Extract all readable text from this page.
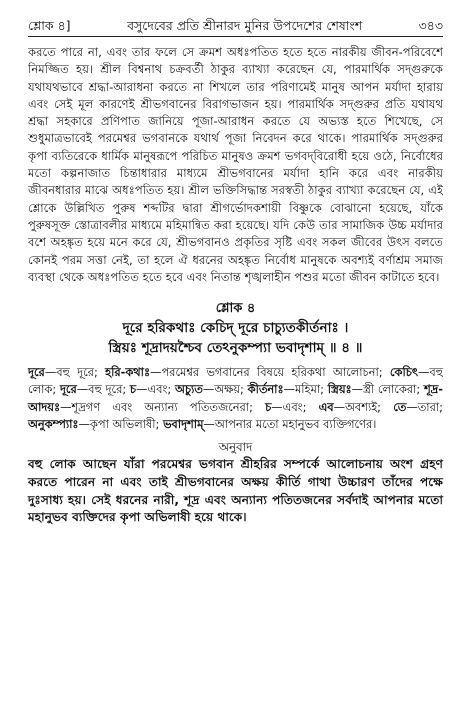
শ্লোক ৪]	বসুদেবের প্রতি শ্রীনারদ মুনির উপদেশের শেষাংশ	৩৪৩
করতে পারে না, এবং তার ফলে সে ক্রমশ অধঃপতিত হতে হতে নারকীয় জীবন-পরিবেশে নিমজ্জিত হয়। শ্রীল বিশ্বনাথ চক্রবর্তী ঠাকুর ব্যাখ্যা করেছেন যে, পারমার্থিক সদ্গুরুকে যথাযথভাবে শ্রদ্ধা-আরাধনা করতে না শিখলে তার পরিণামেই মানুষ আপন মর্যাদা হারায় এবং সেই মূল কারণেই শ্রীভগবানের বিরাগভাজন হয়। পারমার্থিক সদ্গুরুর প্রতি যথাযথ শ্রদ্ধা সহকারে প্রণিপাত জানিয়ে পূজা-আরাধন করতে যে অভ্যস্ত হতে শিখেছে, সে শুধুমাত্রভাবেই পরমেশ্বর ভগবানকে যথার্থ পূজা নিবেদন করে থাকে। পারমার্থিক সদ্গুরুর কৃপা ব্যতিরেকে ধার্মিক মানুষরূপে পরিচিত মানুষও ক্রমশ ভগবদ্‌বিরোধী হয়ে ওঠে, নির্বোধের মতো কল্পনাজাত চিন্তাধারার মাধ্যমে শ্রীভগবানের মর্যাদা হানি করে এবং নারকীয় জীবনধারার মাঝে অধঃপতিত হয়। শ্রীল ভক্তিসিদ্ধান্ত সরস্বতী ঠাকুর ব্যাখ্যা করেছেন যে, এই শ্লোকে উল্লিখিত পুরুষ শব্দটির দ্বারা শ্রীগর্ভোদকশায়ী বিষ্ণুকে বোঝানো হয়েছে, যাঁকে পুরুষসূক্ত স্তোত্রাবলীর মাধ্যমে মহিমান্বিত করা হয়েছে। যদি কেউ তার সামাজিক উচ্চ মর্যাদার বশে অহঙ্কৃত হয়ে মনে করে যে, শ্রীভগবানও প্রকৃতির সৃষ্টি এবং সকল জীবের উৎস বলতে কোনই পরম সত্তা নেই, তা হলে ঐ ধরনের অহঙ্কৃত নির্বোধ মানুষকে অবশ্যই বর্ণাশ্রম সমাজ ব্যবস্থা থেকে অধঃপতিত হতে হবে এবং নিতান্ত শৃঙ্খলাহীন পশুর মতো জীবন কাটাতে হবে।
শ্লোক ৪
দূরে হরিকথাঃ কেচিদ্ দূরে চাচ্যুতকীর্তনাঃ ।
স্ত্রিয়ঃ শূদ্রাদয়শ্চৈব তেঽনুকম্প্যা ভবাদৃশাম্ ॥ ৪ ॥
দূরে—বহু দূরে; হরি-কথাঃ—পরমেশ্বর ভগবানের বিষয়ে হরিকথা আলোচনা; কেচিৎ—বহু লোক; দূরে—বহু দূরে; চ—এবং; অচ্যুত—অক্ষয়; কীর্তনাঃ—মহিমা; স্ত্রিয়ঃ—স্ত্রী লোকেরা; শূদ্র-আদয়ঃ—শূদ্রগণ এবং অন্যান্য পতিতজনেরা; চ—এবং; এব—অবশ্যই; তে—তারা; অনুকম্প্যাঃ—কৃপা অভিলাষী; ভবাদৃশাম্—আপনার মতো মহানুভব ব্যক্তিগণের।
অনুবাদ
বহু লোক আছেন যাঁরা পরমেশ্বর ভগবান শ্রীহরির সম্পর্কে আলোচনায় অংশ গ্রহণ করতে পারেন না এবং তাই শ্রীভগবানের অক্ষয় কীর্তি গাথা উচ্চারণ তাঁদের পক্ষে দুঃসাধ্য হয়। সেই ধরনের নারী, শূদ্র এবং অন্যান্য পতিতজনের সর্বদাই আপনার মতো মহানুভব ব্যক্তিদের কৃপা অভিলাষী হয়ে থাকে।
